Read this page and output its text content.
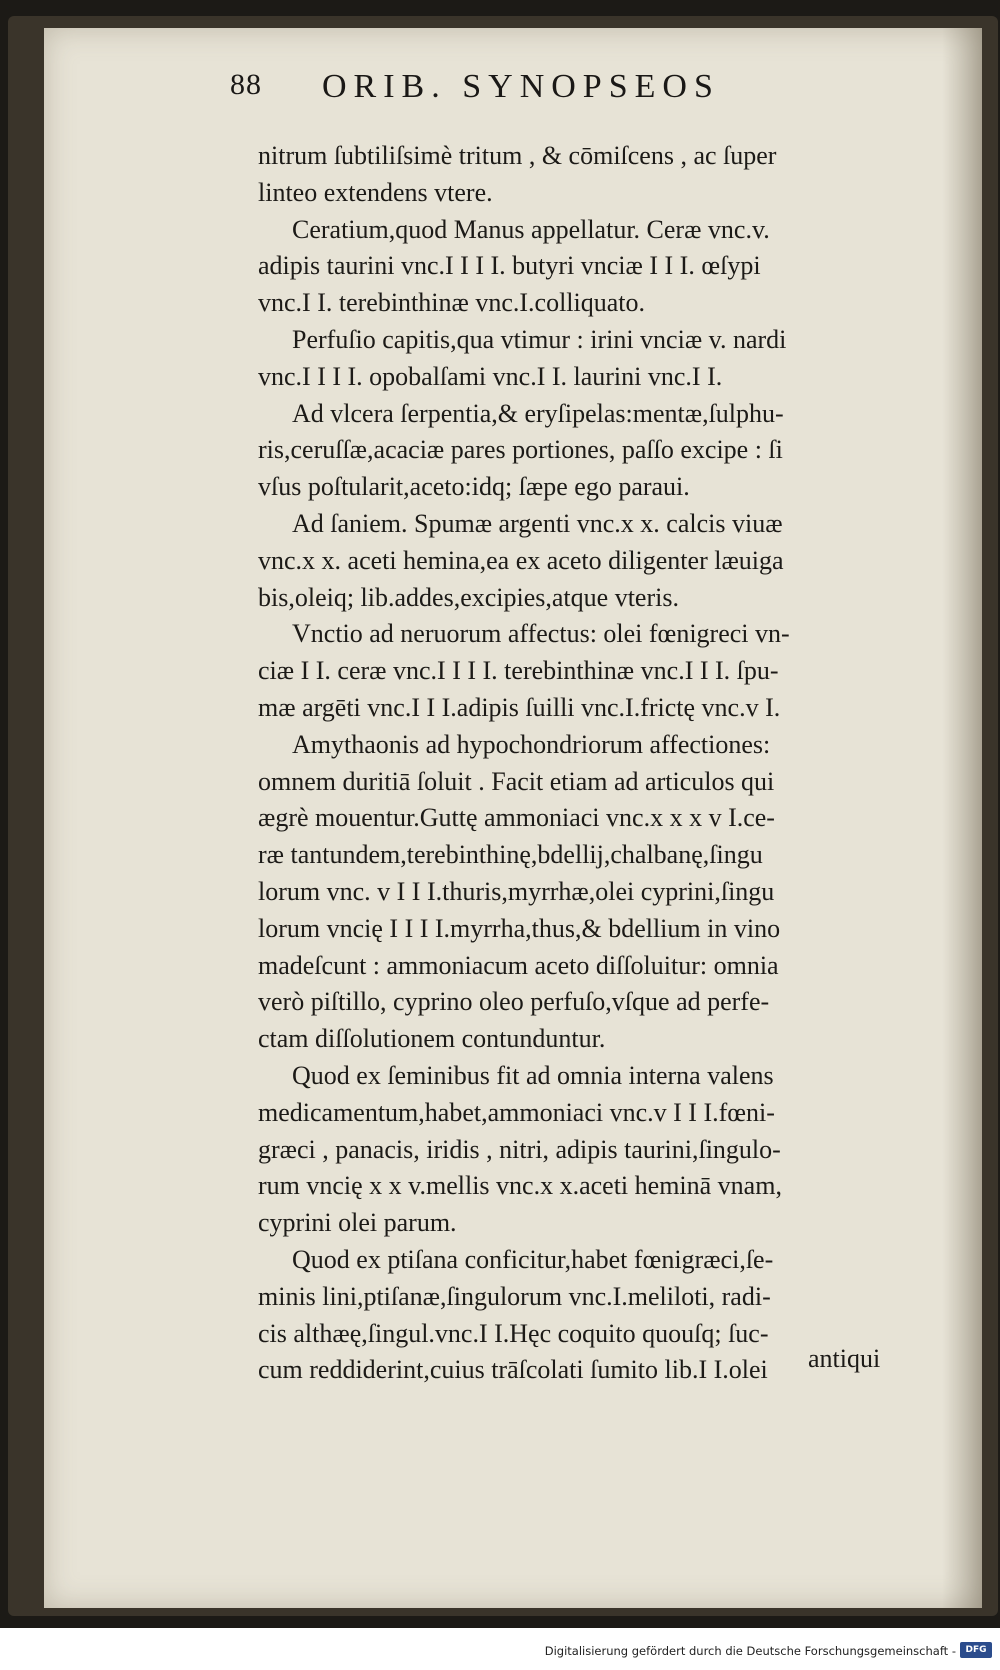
88 ORIB. SYNOPSEOS
nitrum ſubtiliſsimè tritum , & cōmiſcens , ac ſuper
linteo extendens vtere.
Ceratium,quod Manus appellatur. Ceræ vnc.v.
adipis taurini vnc.I I I I. butyri vnciæ I I I. œſypi
vnc.I I. terebinthinæ vnc.I.colliquato.
Perfuſio capitis,qua vtimur : irini vnciæ v. nardi
vnc.I I I I. opobalſami vnc.I I. laurini vnc.I I.
Ad vlcera ſerpentia,& eryſipelas:mentæ,ſulphu-
ris,ceruſſæ,acaciæ pares portiones, paſſo excipe : ſi
vſus poſtularit,aceto:idq; ſæpe ego paraui.
Ad ſaniem. Spumæ argenti vnc.x x. calcis viuæ
vnc.x x. aceti hemina,ea ex aceto diligenter læuiga
bis,oleiq; lib.addes,excipies,atque vteris.
Vnctio ad neruorum affectus: olei fœnigreci vn-
ciæ I I. ceræ vnc.I I I I. terebinthinæ vnc.I I I. ſpu-
mæ argēti vnc.I I I.adipis ſuilli vnc.I.frictę vnc.v I.
Amythaonis ad hypochondriorum affectiones:
omnem duritiā ſoluit . Facit etiam ad articulos qui
ægrè mouentur.Guttę ammoniaci vnc.x x x v I.ce-
ræ tantundem,terebinthinę,bdellij,chalbanę,ſingu
lorum vnc. v I I I.thuris,myrrhæ,olei cyprini,ſingu
lorum vncię I I I I.myrrha,thus,& bdellium in vino
madeſcunt : ammoniacum aceto diſſoluitur: omnia
verò piſtillo, cyprino oleo perfuſo,vſque ad perfe-
ctam diſſolutionem contunduntur.
Quod ex ſeminibus fit ad omnia interna valens
medicamentum,habet,ammoniaci vnc.v I I I.fœni-
græci , panacis, iridis , nitri, adipis taurini,ſingulo-
rum vncię x x v.mellis vnc.x x.aceti heminā vnam,
cyprini olei parum.
Quod ex ptiſana conficitur,habet fœnigræci,ſe-
minis lini,ptiſanæ,ſingulorum vnc.I.meliloti, radi-
cis althæę,ſingul.vnc.I I.Hęc coquito quouſq; ſuc-
cum reddiderint,cuius trāſcolati ſumito lib.I I.olei	antiqui
Digitalisierung gefördert durch die Deutsche Forschungsgemeinschaft -	DFG
